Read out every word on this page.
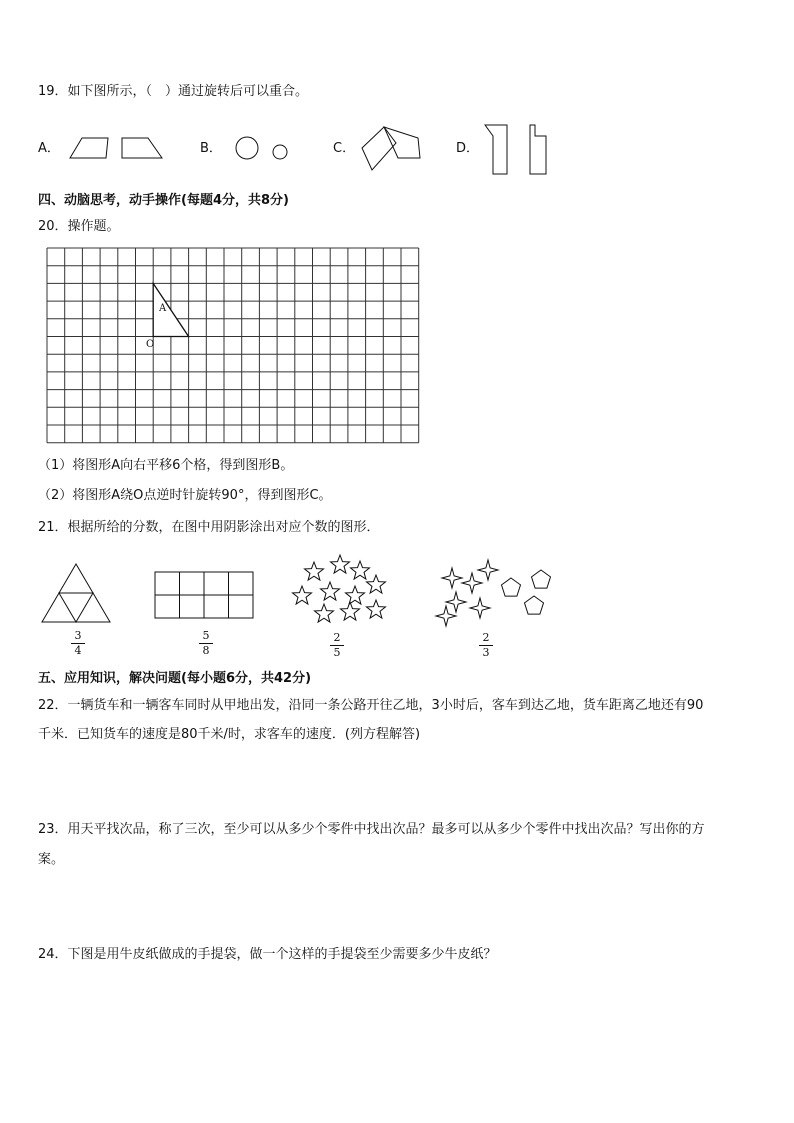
19．如下图所示，（　）通过旋转后可以重合。
A．	B．	C．	D．
四、动脑思考，动手操作(每题4分，共8分)
20．操作题。
A
O
（1）将图形A向右平移6个格，得到图形B。
（2）将图形A绕O点逆时针旋转90°，得到图形C。
21．根据所给的分数，在图中用阴影涂出对应个数的图形．
3
4
5
8
2
5
2
3
五、应用知识，解决问题(每小题6分，共42分)
22．一辆货车和一辆客车同时从甲地出发，沿同一条公路开往乙地，3小时后，客车到达乙地，货车距离乙地还有90
千米．已知货车的速度是80千米/时，求客车的速度．(列方程解答)
23．用天平找次品，称了三次，至少可以从多少个零件中找出次品？最多可以从多少个零件中找出次品？写出你的方
案。
24．下图是用牛皮纸做成的手提袋，做一个这样的手提袋至少需要多少牛皮纸？
